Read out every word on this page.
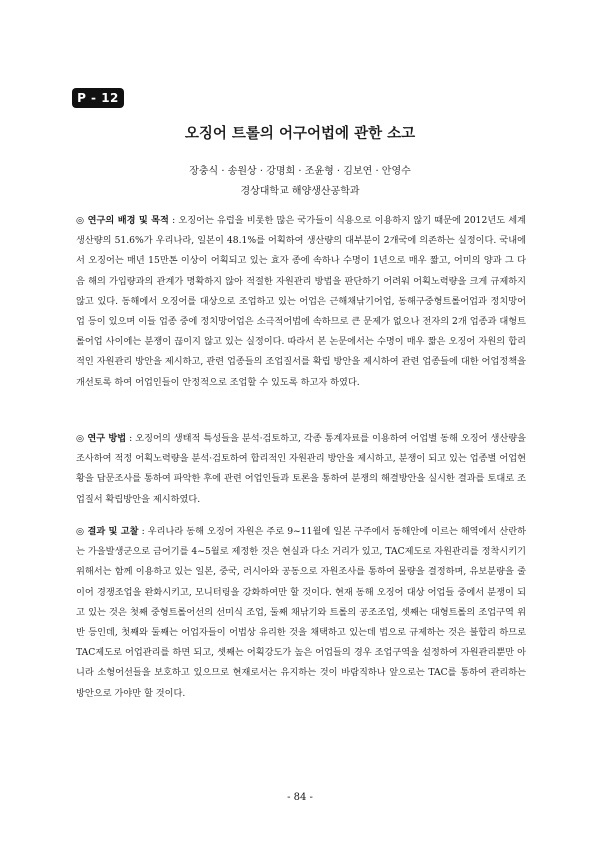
P - 12
오징어 트롤의 어구어법에 관한 소고
장충식 · 송원상 · 강명희 · 조윤형 · 김보연 · 안영수
경상대학교 해양생산공학과
◎ 연구의 배경 및 목적 : 오징어는 유럽을 비롯한 많은 국가들이 식용으로 이용하지 않기 때문에 2012년도 세계 생산량의 51.6%가 우리나라, 일본이 48.1%를 어획하여 생산량의 대부분이 2개국에 의존하는 실정이다. 국내에서 오징어는 매년 15만톤 이상이 어획되고 있는 효자 종에 속하나 수명이 1년으로 매우 짧고, 어미의 양과 그 다음 해의 가입량과의 관계가 명확하지 않아 적절한 자원관리 방법을 판단하기 어려워 어획노력량을 크게 규제하지 않고 있다. 동해에서 오징어를 대상으로 조업하고 있는 어업은 근해채낚기어업, 동해구중형트롤어업과 정치망어업 등이 있으며 이들 업종 중에 정치망어업은 소극적어법에 속하므로 큰 문제가 없으나 전자의 2개 업종과 대형트롤어업 사이에는 분쟁이 끊이지 않고 있는 실정이다. 따라서 본 논문에서는 수명이 매우 짧은 오징어 자원의 합리적인 자원관리 방안을 제시하고, 관련 업종들의 조업질서를 확립 방안을 제시하여 관련 업종들에 대한 어업정책을 개선토록 하여 어업인들이 안정적으로 조업할 수 있도록 하고자 하였다.
◎ 연구 방법 : 오징어의 생태적 특성들을 분석·검토하고, 각종 통계자료를 이용하여 어업별 동해 오징어 생산량을 조사하여 적정 어획노력량을 분석·검토하여 합리적인 자원관리 방안을 제시하고, 분쟁이 되고 있는 업종별 어업현황을 답문조사를 통하여 파악한 후에 관련 어업인들과 토론을 통하여 분쟁의 해결방안을 실시한 결과를 토대로 조업질서 확립방안을 제시하였다.
◎ 결과 및 고찰 : 우리나라 동해 오징어 자원은 주로 9~11월에 일본 구주에서 동해안에 이르는 해역에서 산란하는 가을발생군으로 금어기를 4~5월로 제정한 것은 현실과 다소 거리가 있고, TAC제도로 자원관리를 정착시키기 위해서는 함께 이용하고 있는 일본, 중국, 러시아와 공동으로 자원조사를 통하여 물량을 결정하며, 유보분량을 줄이어 경쟁조업을 완화시키고, 모니터링을 강화하여만 할 것이다. 현재 동해 오징어 대상 어업들 중에서 분쟁이 되고 있는 것은 첫째 중형트롤어선의 선미식 조업, 둘째 채낚기와 트롤의 공조조업, 셋째는 대형트롤의 조업구역 위반 등인데, 첫째와 둘째는 어업자들이 어법상 유리한 것을 채택하고 있는데 법으로 규제하는 것은 불합리 하므로 TAC제도로 어업관리를 하면 되고, 셋째는 어획강도가 높은 어업들의 경우 조업구역을 설정하여 자원관리뿐만 아니라 소형어선들을 보호하고 있으므로 현재로서는 유지하는 것이 바람직하나 앞으로는 TAC를 통하여 관리하는 방안으로 가야만 할 것이다.
- 84 -
